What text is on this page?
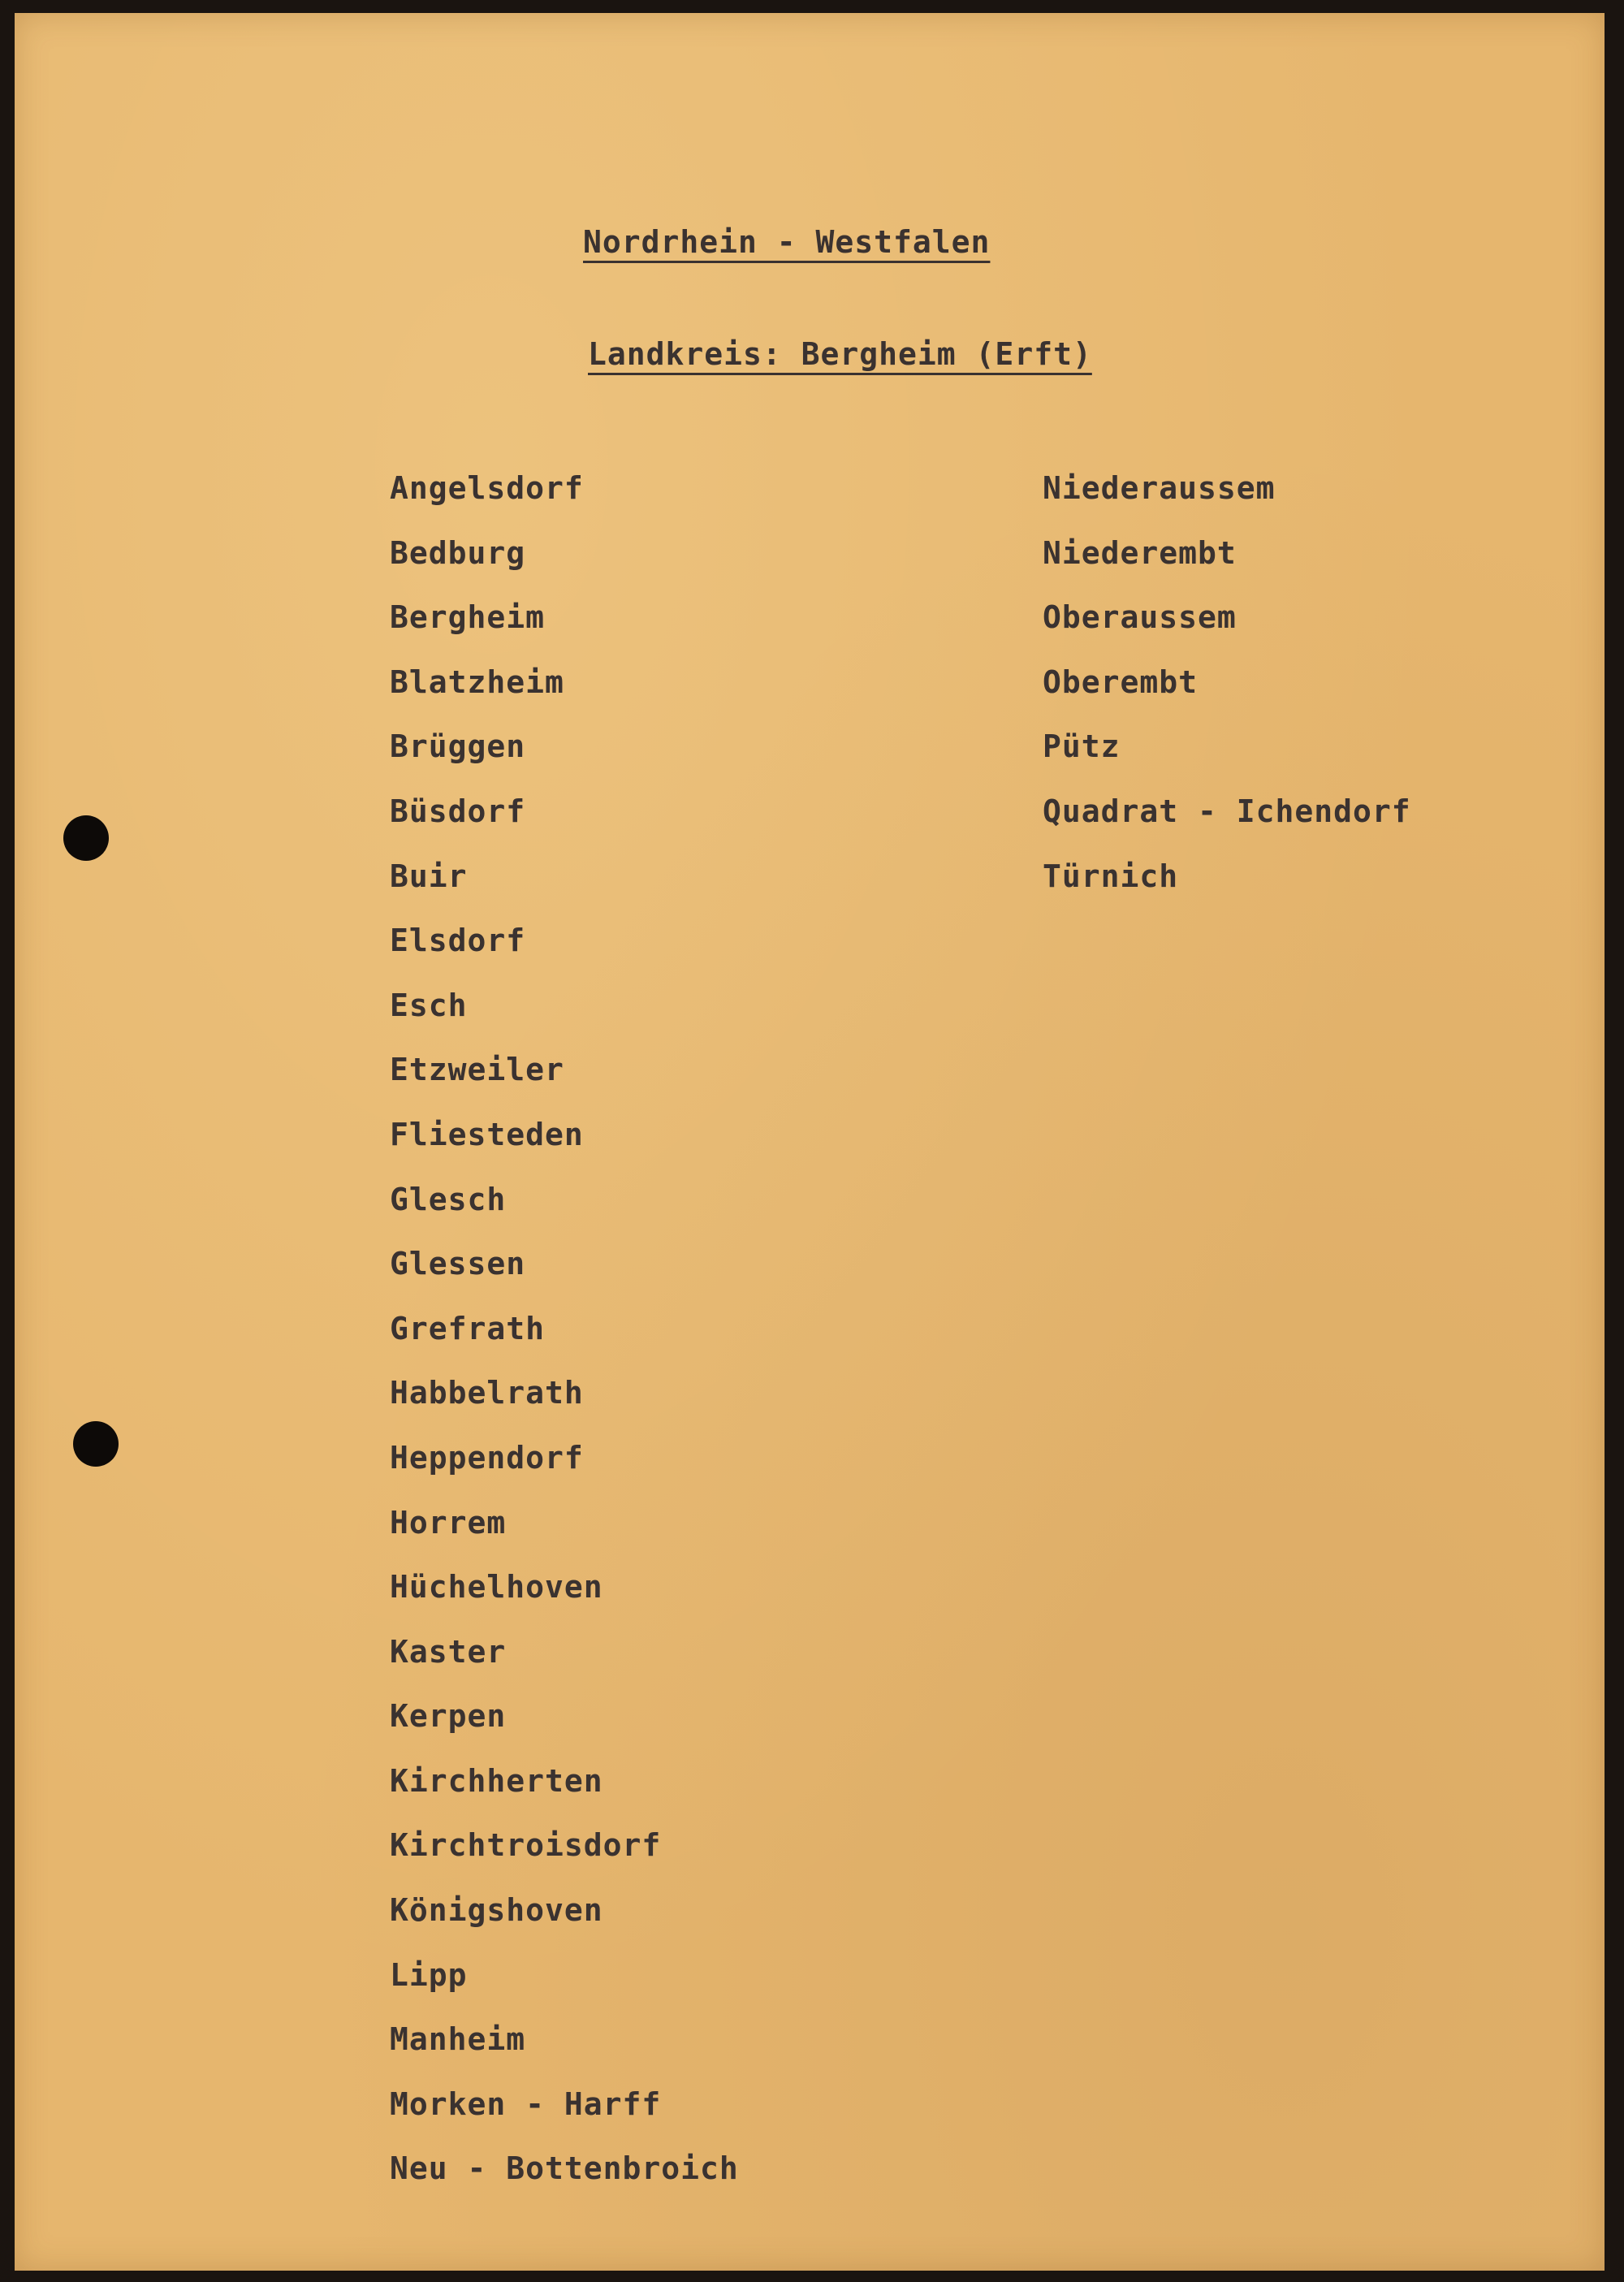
Nordrhein - Westfalen
Landkreis: Bergheim (Erft)
Angelsdorf
Bedburg
Bergheim
Blatzheim
Brüggen
Büsdorf
Buir
Elsdorf
Esch
Etzweiler
Fliesteden
Glesch
Glessen
Grefrath
Habbelrath
Heppendorf
Horrem
Hüchelhoven
Kaster
Kerpen
Kirchherten
Kirchtroisdorf
Königshoven
Lipp
Manheim
Morken - Harff
Neu - Bottenbroich
Niederaussem
Niederembt
Oberaussem
Oberembt
Pütz
Quadrat - Ichendorf
Türnich
